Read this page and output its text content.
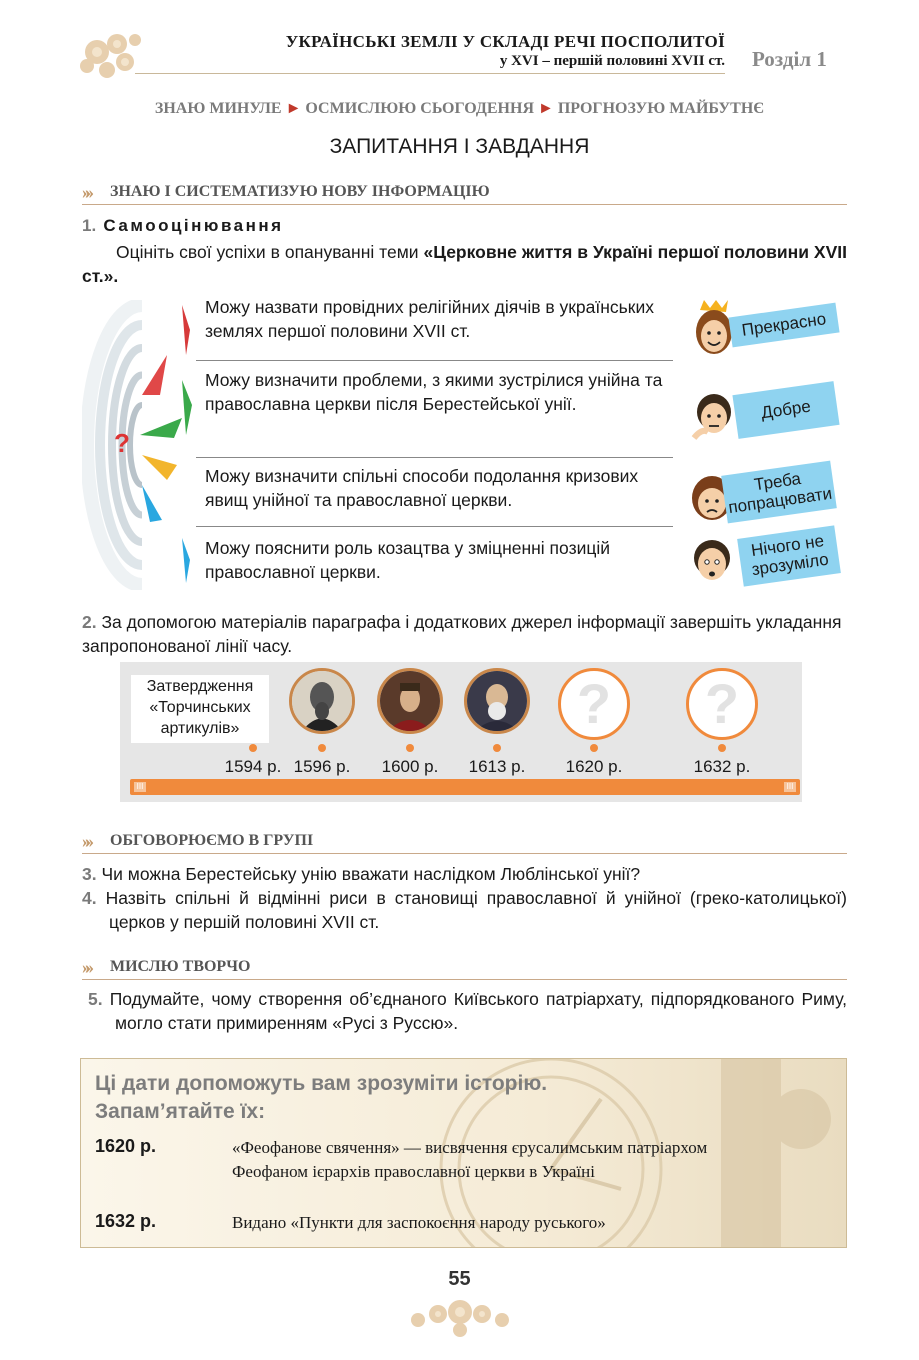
УКРАЇНСЬКІ ЗЕМЛІ У СКЛАДІ РЕЧІ ПОСПОЛИТОЇ
у XVI – першій половині XVII ст. Розділ 1
ЗНАЮ МИНУЛЕ ► ОСМИСЛЮЮ СЬОГОДЕННЯ ► ПРОГНОЗУЮ МАЙБУТНЄ
ЗАПИТАННЯ І ЗАВДАННЯ
»» ЗНАЮ І СИСТЕМАТИЗУЮ НОВУ ІНФОРМАЦІЮ
1. Самооцінювання
Оцініть свої успіхи в опануванні теми «Церковне життя в Україні першої половини XVII ст.».
?
Можу назвати провідних релігійних діячів в українських землях першої половини XVII ст.
Можу визначити проблеми, з якими зустрілися унійна та православна церкви після Берестейської унії.
Можу визначити спільні способи подолання кризових явищ унійної та православної церкви.
Можу пояснити роль козацтва у зміцненні позицій православної церкви.
Прекрасно
Добре
Треба попрацювати
Нічого не зрозуміло
2. За допомогою матеріалів параграфа і додаткових джерел інформації завершіть укладання запропонованої лінії часу.
Затвердження «Торчинських артикулів»	?	?
1594 р. 1596 р.	1600 р.	1613 р.	1620 р.	1632 р.
III	III
»» ОБГОВОРЮЄМО В ГРУПІ
3. Чи можна Берестейську унію вважати наслідком Люблінської унії?
4. Назвіть спільні й відмінні риси в становищі православної й унійної (греко-католицької) церков у першій половині XVII ст.
»» МИСЛЮ ТВОРЧО
5. Подумайте, чому створення об’єднаного Київського патріархату, підпорядкованого Риму, могло стати примиренням «Русі з Руссю».
Ці дати допоможуть вам зрозуміти історію.
Запам’ятайте їх:
1620 р.	«Феофанове свячення» — висвячення єрусалимським патріархом Феофаном ієрархів православної церкви в Україні
1632 р.	Видано «Пункти для заспокоєння народу руського»
55
